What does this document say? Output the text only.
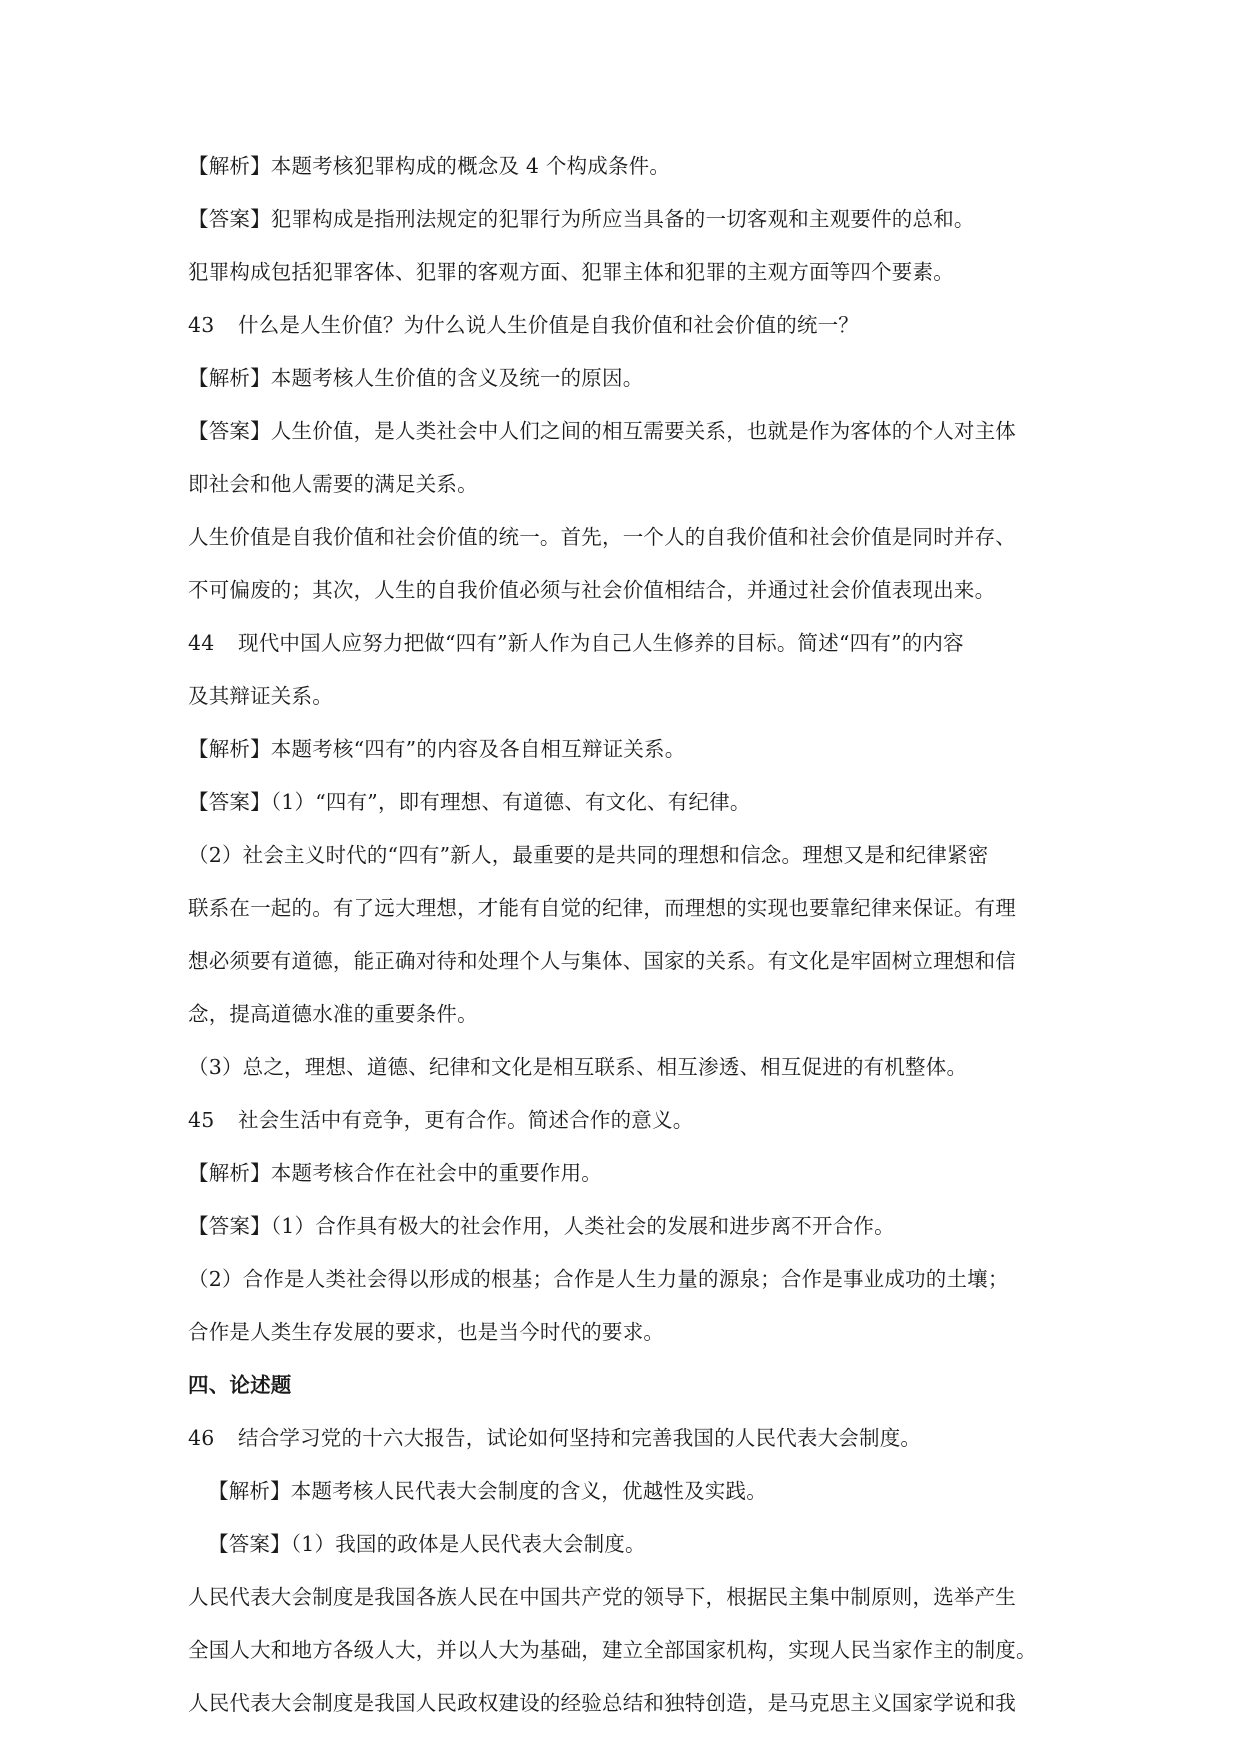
【解析】本题考核犯罪构成的概念及 4 个构成条件。
【答案】犯罪构成是指刑法规定的犯罪行为所应当具备的一切客观和主观要件的总和。
犯罪构成包括犯罪客体、犯罪的客观方面、犯罪主体和犯罪的主观方面等四个要素。
43 什么是人生价值？为什么说人生价值是自我价值和社会价值的统一？
【解析】本题考核人生价值的含义及统一的原因。
【答案】人生价值，是人类社会中人们之间的相互需要关系，也就是作为客体的个人对主体
即社会和他人需要的满足关系。
人生价值是自我价值和社会价值的统一。首先，一个人的自我价值和社会价值是同时并存、
不可偏废的；其次，人生的自我价值必须与社会价值相结合，并通过社会价值表现出来。
44 现代中国人应努力把做“四有”新人作为自己人生修养的目标。简述“四有”的内容
及其辩证关系。
【解析】本题考核“四有”的内容及各自相互辩证关系。
【答案】（1）“四有”，即有理想、有道德、有文化、有纪律。
（2）社会主义时代的“四有”新人，最重要的是共同的理想和信念。理想又是和纪律紧密
联系在一起的。有了远大理想，才能有自觉的纪律，而理想的实现也要靠纪律来保证。有理
想必须要有道德，能正确对待和处理个人与集体、国家的关系。有文化是牢固树立理想和信
念，提高道德水准的重要条件。
（3）总之，理想、道德、纪律和文化是相互联系、相互渗透、相互促进的有机整体。
45 社会生活中有竞争，更有合作。简述合作的意义。
【解析】本题考核合作在社会中的重要作用。
【答案】（1）合作具有极大的社会作用，人类社会的发展和进步离不开合作。
（2）合作是人类社会得以形成的根基；合作是人生力量的源泉；合作是事业成功的土壤；
合作是人类生存发展的要求，也是当今时代的要求。
四、论述题
46 结合学习党的十六大报告，试论如何坚持和完善我国的人民代表大会制度。
【解析】本题考核人民代表大会制度的含义，优越性及实践。
【答案】（1）我国的政体是人民代表大会制度。
人民代表大会制度是我国各族人民在中国共产党的领导下，根据民主集中制原则，选举产生
全国人大和地方各级人大，并以人大为基础，建立全部国家机构，实现人民当家作主的制度。
人民代表大会制度是我国人民政权建设的经验总结和独特创造，是马克思主义国家学说和我
